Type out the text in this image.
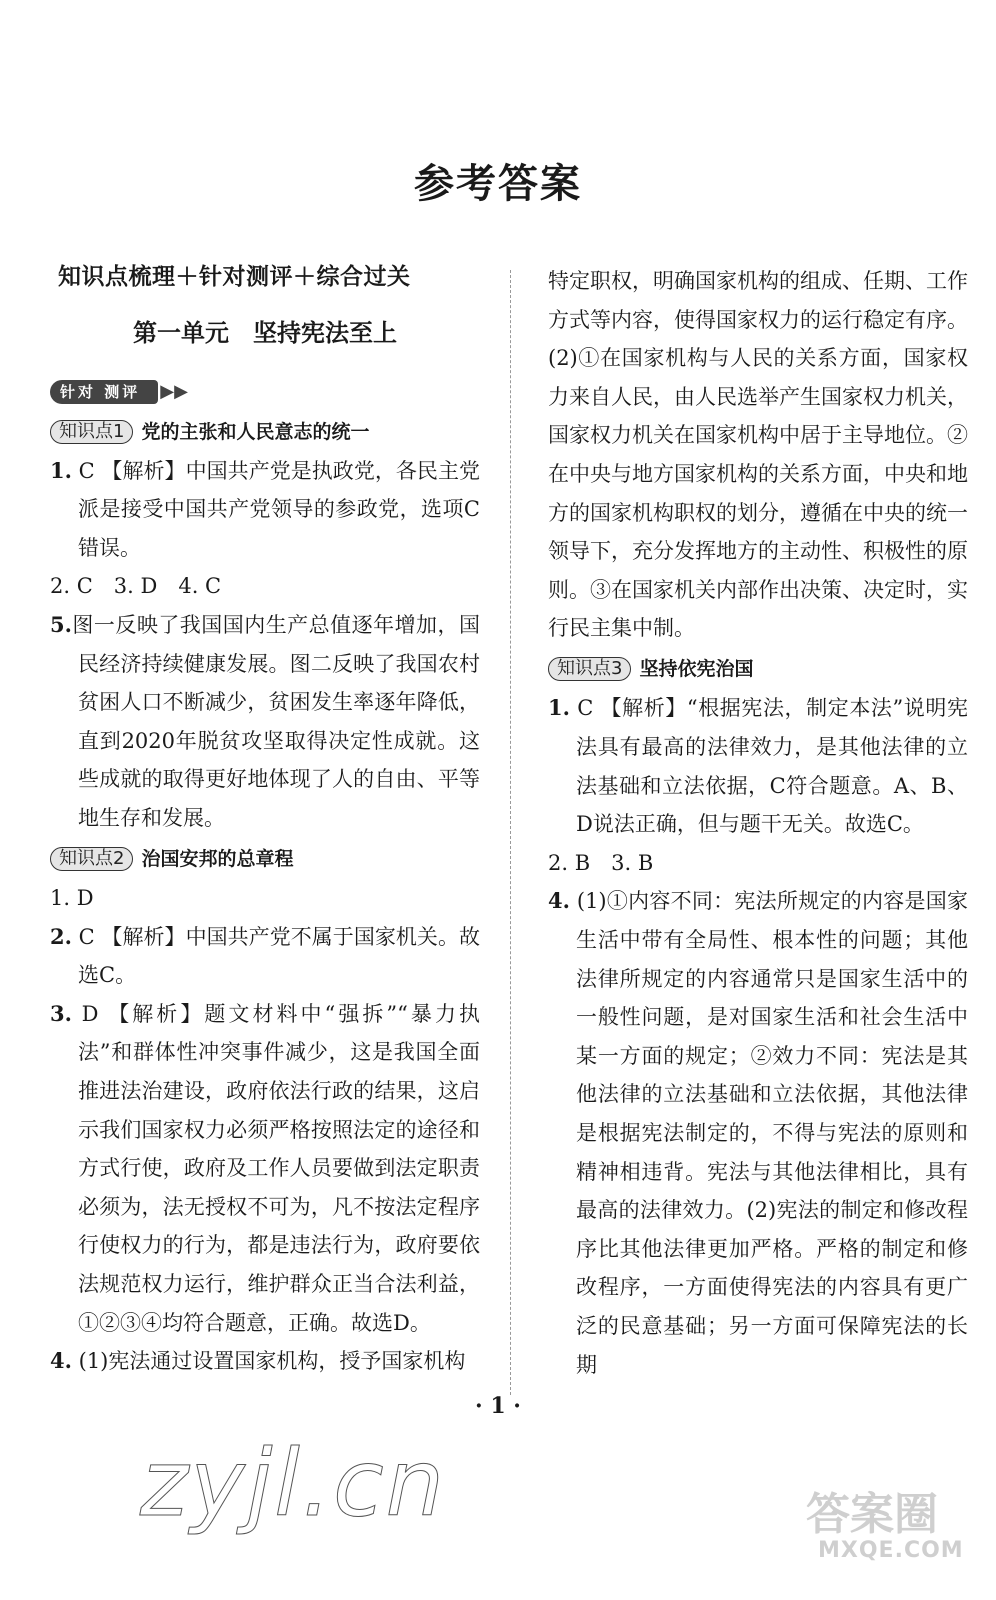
参考答案
知识点梳理＋针对测评＋综合过关
第一单元　坚持宪法至上
针对 测评 ▶▶
知识点1 党的主张和人民意志的统一

1. C 【解析】中国共产党是执政党，各民主党派是接受中国共产党领导的参政党，选项C错误。

2. C　3. D　4. C

5.图一反映了我国国内生产总值逐年增加，国民经济持续健康发展。图二反映了我国农村贫困人口不断减少，贫困发生率逐年降低，直到2020年脱贫攻坚取得决定性成就。这些成就的取得更好地体现了人的自由、平等地生存和发展。

知识点2 治国安邦的总章程

1. D

2. C 【解析】中国共产党不属于国家机关。故选C。

3. D 【解析】题文材料中“强拆”“暴力执法”和群体性冲突事件减少，这是我国全面推进法治建设，政府依法行政的结果，这启示我们国家权力必须严格按照法定的途径和方式行使，政府及工作人员要做到法定职责必须为，法无授权不可为，凡不按法定程序行使权力的行为，都是违法行为，政府要依法规范权力运行，维护群众正当合法利益，①②③④均符合题意，正确。故选D。

4. (1)宪法通过设置国家机构，授予国家机构

特定职权，明确国家机构的组成、任期、工作方式等内容，使得国家权力的运行稳定有序。(2)①在国家机构与人民的关系方面，国家权力来自人民，由人民选举产生国家权力机关，国家权力机关在国家机构中居于主导地位。②在中央与地方国家机构的关系方面，中央和地方的国家机构职权的划分，遵循在中央的统一领导下，充分发挥地方的主动性、积极性的原则。③在国家机关内部作出决策、决定时，实行民主集中制。

知识点3 坚持依宪治国

1. C 【解析】“根据宪法，制定本法”说明宪法具有最高的法律效力，是其他法律的立法基础和立法依据，C符合题意。A、B、D说法正确，但与题干无关。故选C。

2. B　3. B

4. (1)①内容不同：宪法所规定的内容是国家生活中带有全局性、根本性的问题；其他法律所规定的内容通常只是国家生活中的一般性问题，是对国家生活和社会生活中某一方面的规定；②效力不同：宪法是其他法律的立法基础和立法依据，其他法律是根据宪法制定的，不得与宪法的原则和精神相违背。宪法与其他法律相比，具有最高的法律效力。(2)宪法的制定和修改程序比其他法律更加严格。严格的制定和修改程序，一方面使得宪法的内容具有更广泛的民意基础；另一方面可保障宪法的长期

· 1 ·
zyjl.cn	答案圈
MXQE.COM
